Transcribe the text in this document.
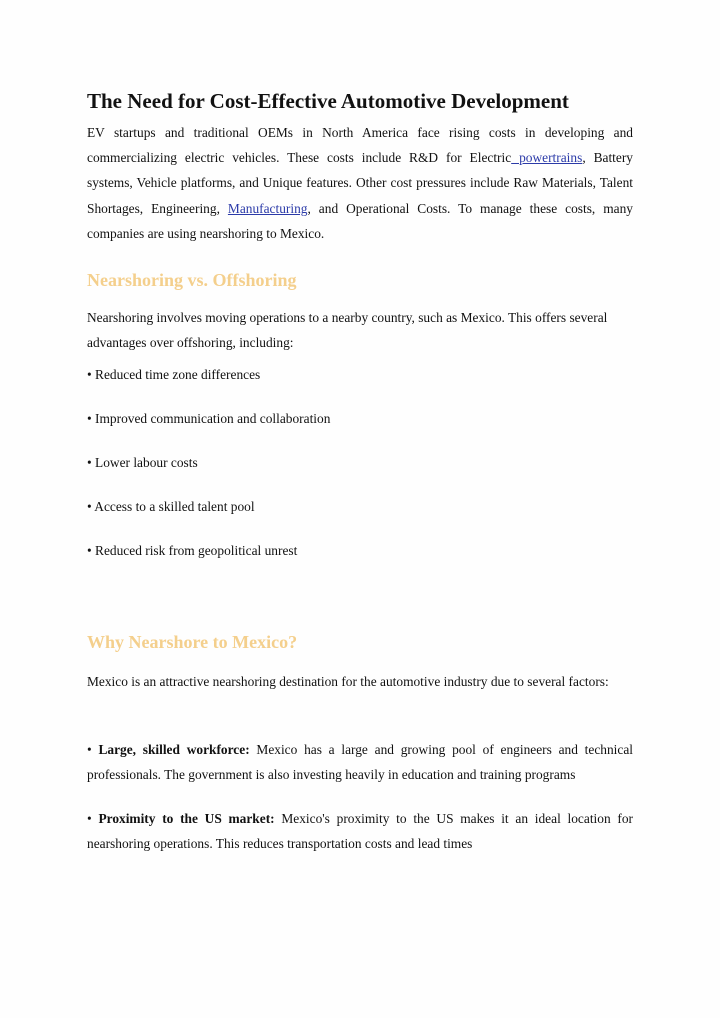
The Need for Cost-Effective Automotive Development

EV startups and traditional OEMs in North America face rising costs in developing and commercializing electric vehicles. These costs include R&D for Electric powertrains, Battery systems, Vehicle platforms, and Unique features. Other cost pressures include Raw Materials, Talent Shortages, Engineering, Manufacturing, and Operational Costs. To manage these costs, many companies are using nearshoring to Mexico.

Nearshoring vs. Offshoring

Nearshoring involves moving operations to a nearby country, such as Mexico. This offers several advantages over offshoring, including:

• Reduced time zone differences
• Improved communication and collaboration
• Lower labour costs
• Access to a skilled talent pool
• Reduced risk from geopolitical unrest
Why Nearshore to Mexico?

Mexico is an attractive nearshoring destination for the automotive industry due to several factors:

• Large, skilled workforce: Mexico has a large and growing pool of engineers and technical professionals. The government is also investing heavily in education and training programs

• Proximity to the US market: Mexico's proximity to the US makes it an ideal location for nearshoring operations. This reduces transportation costs and lead times
